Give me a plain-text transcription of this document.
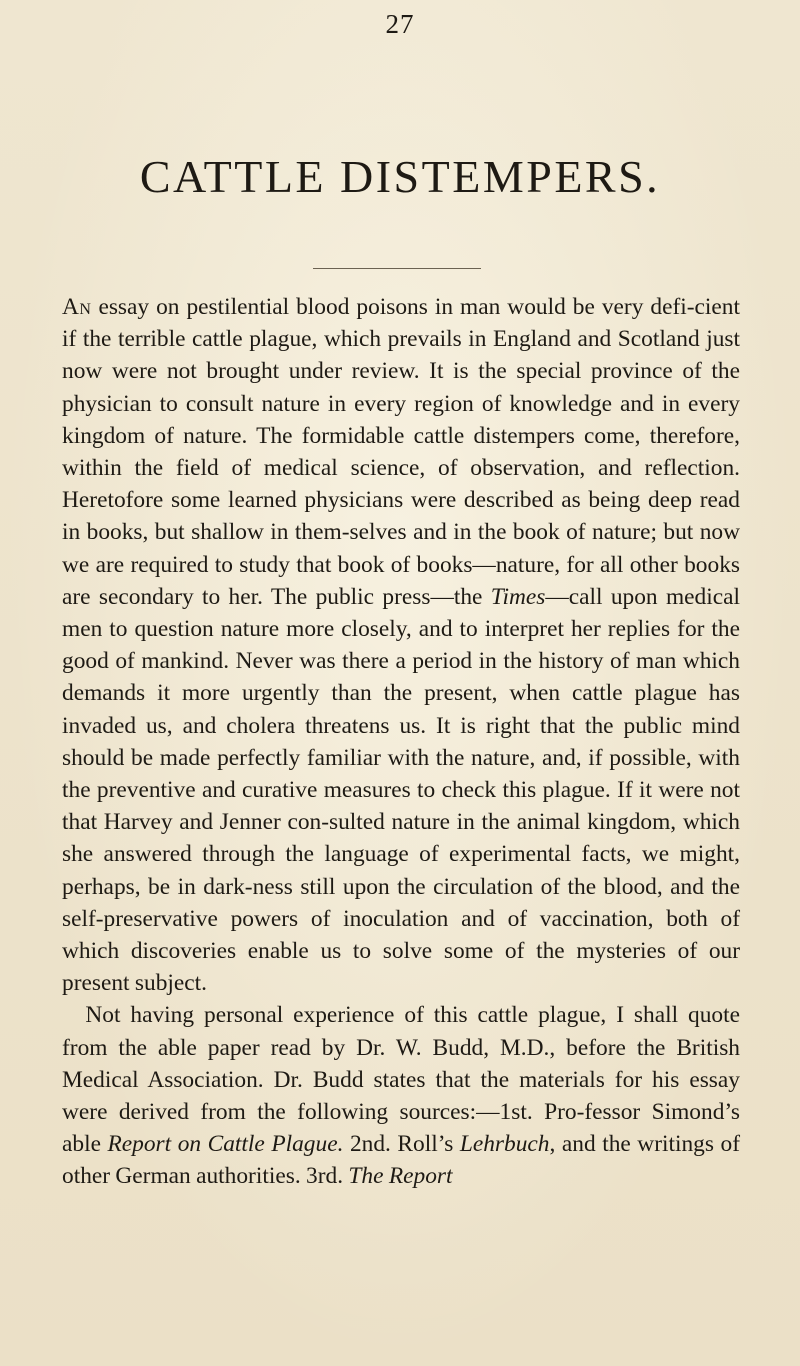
27
CATTLE DISTEMPERS.

An essay on pestilential blood poisons in man would be very defi-cient if the terrible cattle plague, which prevails in England and Scotland just now were not brought under review. It is the special province of the physician to consult nature in every region of knowledge and in every kingdom of nature. The formidable cattle distempers come, therefore, within the field of medical science, of observation, and reflection. Heretofore some learned physicians were described as being deep read in books, but shallow in them-selves and in the book of nature; but now we are required to study that book of books—nature, for all other books are secondary to her. The public press—the Times—call upon medical men to question nature more closely, and to interpret her replies for the good of mankind. Never was there a period in the history of man which demands it more urgently than the present, when cattle plague has invaded us, and cholera threatens us. It is right that the public mind should be made perfectly familiar with the nature, and, if possible, with the preventive and curative measures to check this plague. If it were not that Harvey and Jenner con-sulted nature in the animal kingdom, which she answered through the language of experimental facts, we might, perhaps, be in dark-ness still upon the circulation of the blood, and the self-preservative powers of inoculation and of vaccination, both of which discoveries enable us to solve some of the mysteries of our present subject.

Not having personal experience of this cattle plague, I shall quote from the able paper read by Dr. W. Budd, M.D., before the British Medical Association. Dr. Budd states that the materials for his essay were derived from the following sources:—1st. Pro-fessor Simond’s able Report on Cattle Plague. 2nd. Roll’s Lehrbuch, and the writings of other German authorities. 3rd. The Report
